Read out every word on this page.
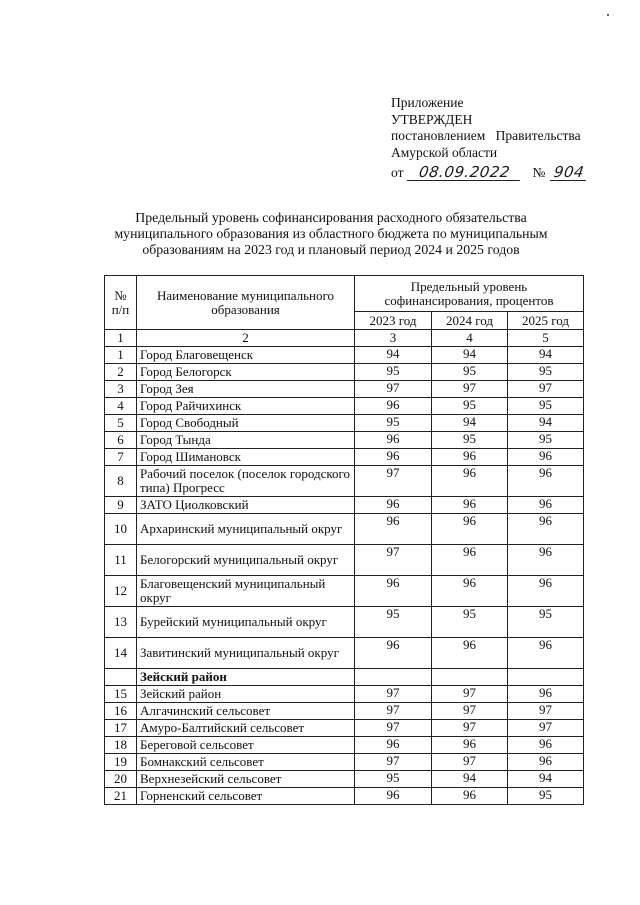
Приложение
УТВЕРЖДЕН
постановлением Правительства
Амурской области
от 08.09.2022	№ 904
Предельный уровень софинансирования расходного обязательства муниципального образования из областного бюджета по муниципальным образованиям на 2023 год и плановый период 2024 и 2025 годов
№ п/п	Наименование муниципального образования	Предельный уровень софинансирования, процентов		
		2023 год	2024 год	2025 год
1	2	3	4	5
1	Город Благовещенск	94	94	94
2	Город Белогорск	95	95	95
3	Город Зея	97	97	97
4	Город Райчихинск	96	95	95
5	Город Свободный	95	94	94
6	Город Тында	96	95	95
7	Город Шимановск	96	96	96
8	Рабочий поселок (поселок городского типа) Прогресс	97	96	96
9	ЗАТО Циолковский	96	96	96
10	Архаринский муниципальный округ	96	96	96
11	Белогорский муниципальный округ	97	96	96
12	Благовещенский муниципальный округ	96	96	96
13	Бурейский муниципальный округ	95	95	95
14	Завитинский муниципальный округ	96	96	96
	Зейский район			
15	Зейский район	97	97	96
16	Алгачинский сельсовет	97	97	97
17	Амуро-Балтийский сельсовет	97	97	97
18	Береговой сельсовет	96	96	96
19	Бомнакский сельсовет	97	97	96
20	Верхнезейский сельсовет	95	94	94
21	Горненский сельсовет	96	96	95
